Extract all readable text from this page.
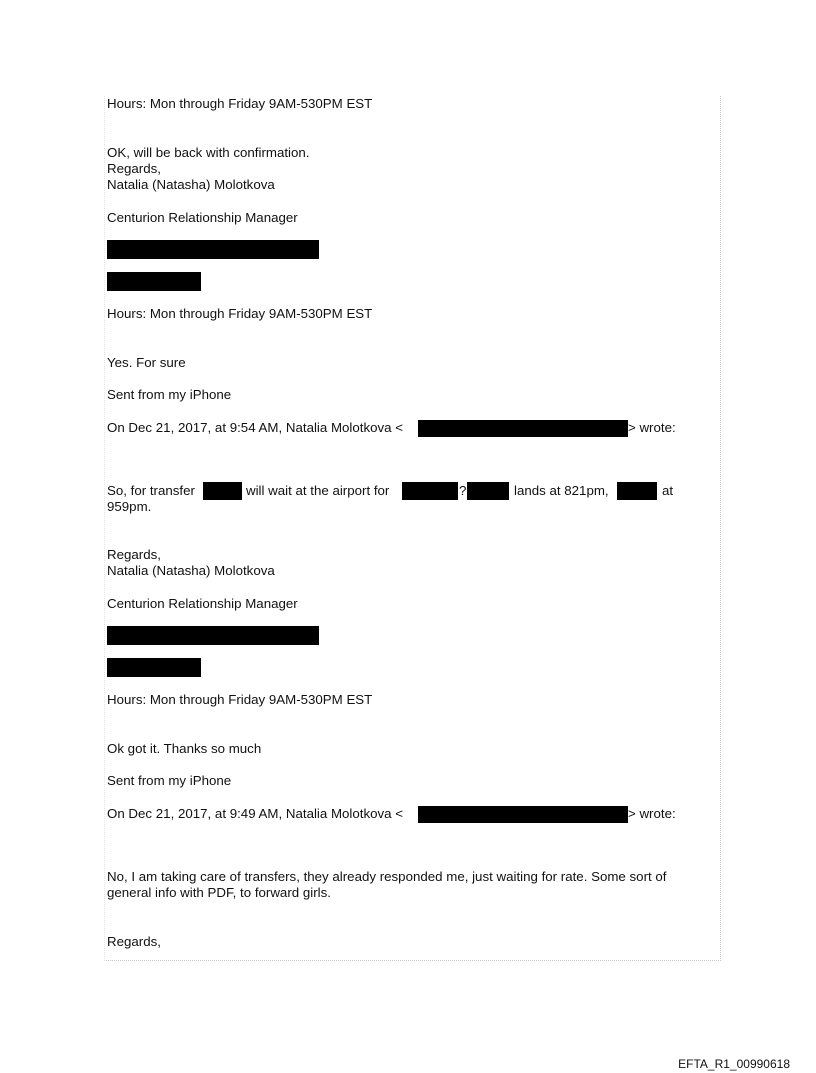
Hours: Mon through Friday 9AM-530PM EST
OK, will be back with confirmation.
Regards,
Natalia (Natasha) Molotkova
Centurion Relationship Manager
Hours: Mon through Friday 9AM-530PM EST
Yes. For sure
Sent from my iPhone
On Dec 21, 2017, at 9:54 AM, Natalia Molotkova <	> wrote:
So, for transfer	will wait at the airport for	?	lands at 821pm,	at
959pm.
Regards,
Natalia (Natasha) Molotkova
Centurion Relationship Manager
Hours: Mon through Friday 9AM-530PM EST
Ok got it. Thanks so much
Sent from my iPhone
On Dec 21, 2017, at 9:49 AM, Natalia Molotkova <	> wrote:
No, I am taking care of transfers, they already responded me, just waiting for rate. Some sort of
general info with PDF, to forward girls.
Regards,
EFTA_R1_00990618
